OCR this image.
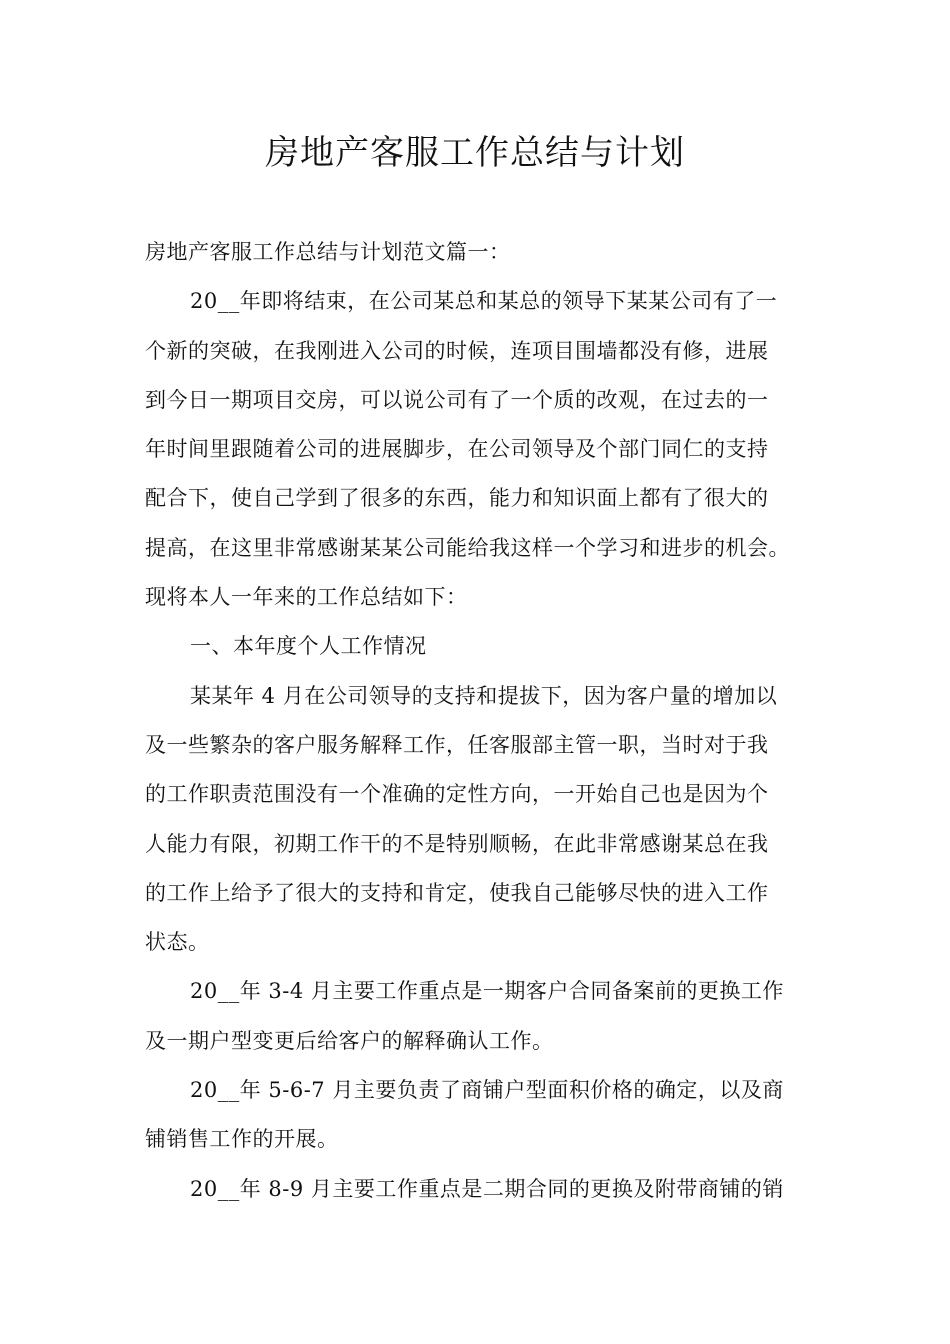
房地产客服工作总结与计划
房地产客服工作总结与计划范文篇一：
20__年即将结束，在公司某总和某总的领导下某某公司有了一
个新的突破，在我刚进入公司的时候，连项目围墙都没有修，进展
到今日一期项目交房，可以说公司有了一个质的改观，在过去的一
年时间里跟随着公司的进展脚步，在公司领导及个部门同仁的支持
配合下，使自己学到了很多的东西，能力和知识面上都有了很大的
提高，在这里非常感谢某某公司能给我这样一个学习和进步的机会。
现将本人一年来的工作总结如下：
一、本年度个人工作情况
某某年 4 月在公司领导的支持和提拔下，因为客户量的增加以
及一些繁杂的客户服务解释工作，任客服部主管一职，当时对于我
的工作职责范围没有一个准确的定性方向，一开始自己也是因为个
人能力有限，初期工作干的不是特别顺畅，在此非常感谢某总在我
的工作上给予了很大的支持和肯定，使我自己能够尽快的进入工作
状态。
20__年 3-4 月主要工作重点是一期客户合同备案前的更换工作
及一期户型变更后给客户的解释确认工作。
20__年 5-6-7 月主要负责了商铺户型面积价格的确定，以及商
铺销售工作的开展。
20__年 8-9 月主要工作重点是二期合同的更换及附带商铺的销
